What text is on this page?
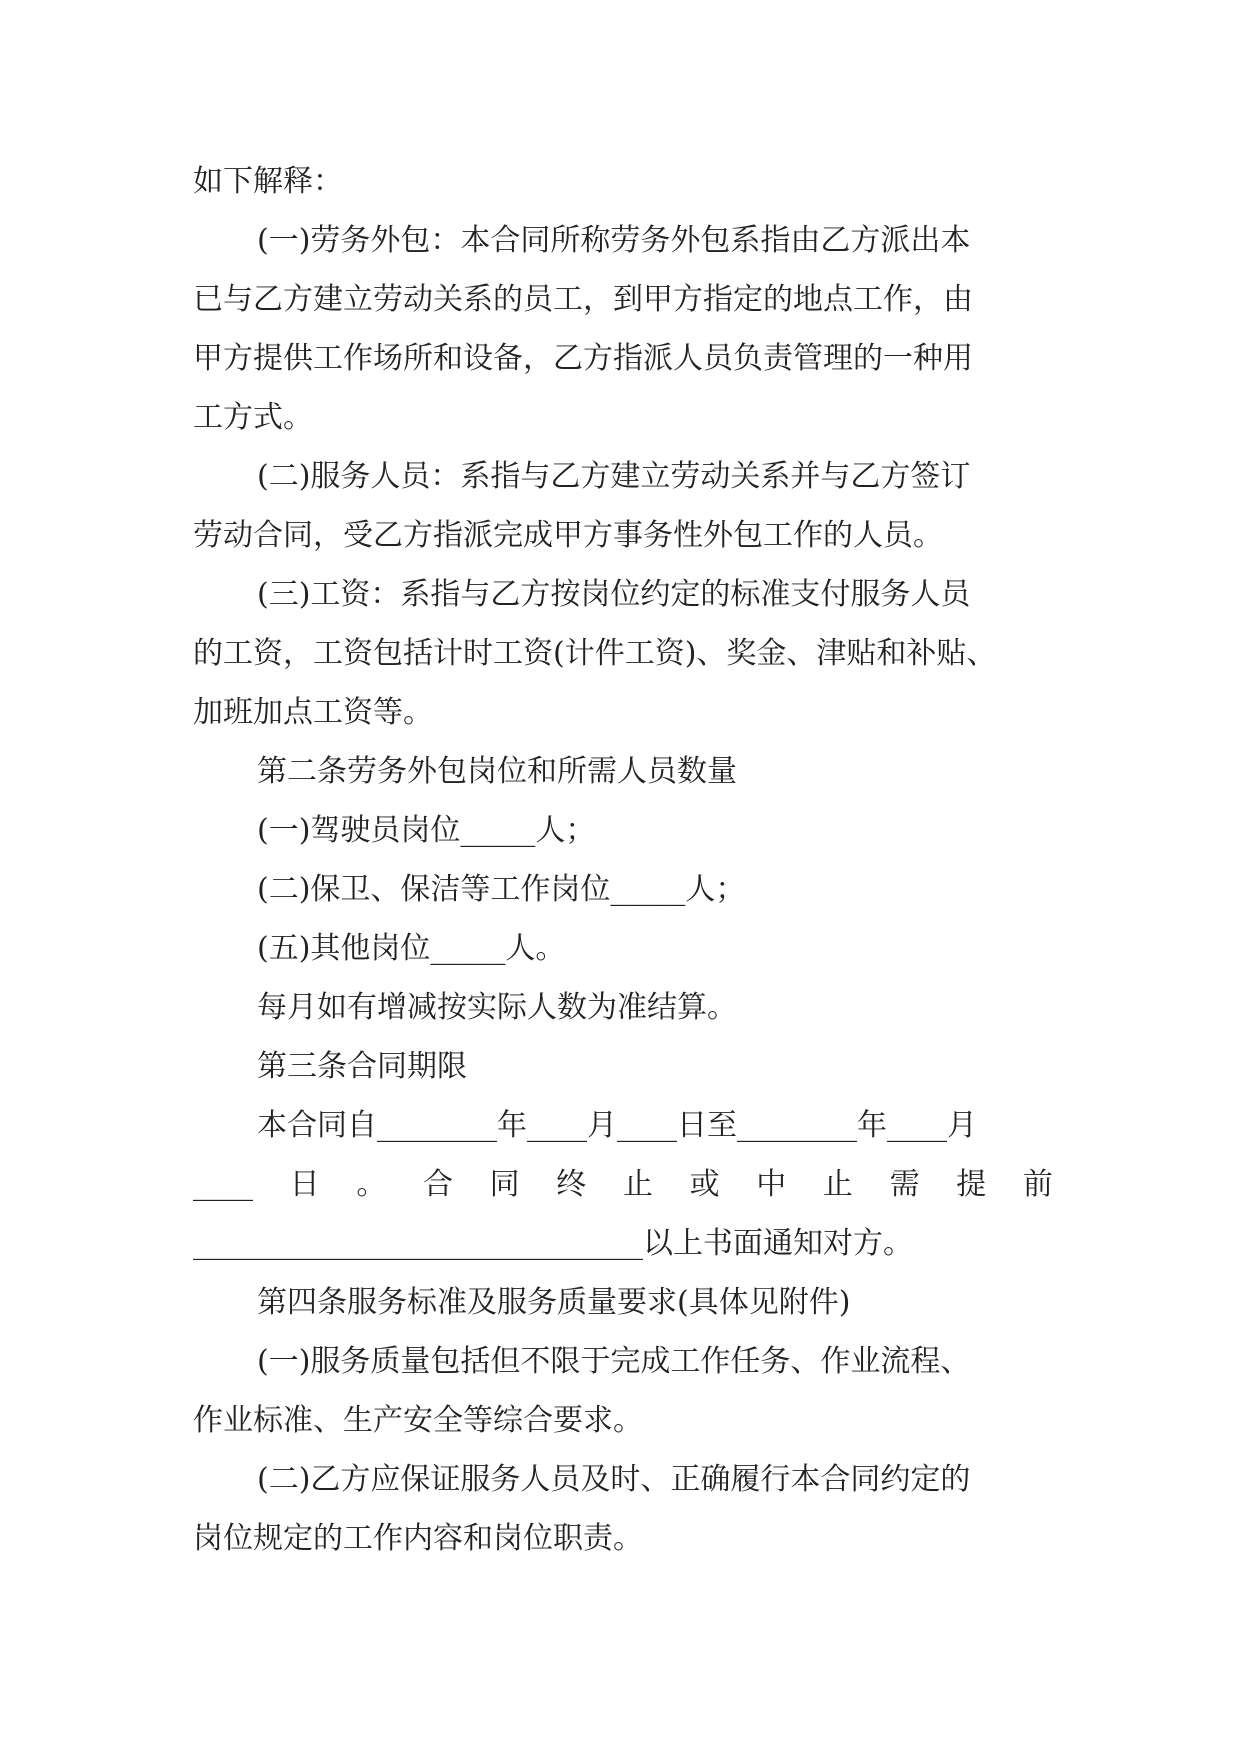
如下解释：
(一)劳务外包：本合同所称劳务外包系指由乙方派出本
已与乙方建立劳动关系的员工，到甲方指定的地点工作，由
甲方提供工作场所和设备，乙方指派人员负责管理的一种用
工方式。
(二)服务人员：系指与乙方建立劳动关系并与乙方签订
劳动合同，受乙方指派完成甲方事务性外包工作的人员。
(三)工资：系指与乙方按岗位约定的标准支付服务人员
的工资，工资包括计时工资(计件工资)、奖金、津贴和补贴、
加班加点工资等。
第二条劳务外包岗位和所需人员数量
(一)驾驶员岗位_____人；
(二)保卫、保洁等工作岗位_____人；
(五)其他岗位_____人。
每月如有增减按实际人数为准结算。
第三条合同期限
本合同自________年____月____日至________年____月
____ 日 。 合 同 终 止 或 中 止 需 提 前
______________________________以上书面通知对方。
第四条服务标准及服务质量要求(具体见附件)
(一)服务质量包括但不限于完成工作任务、作业流程、
作业标准、生产安全等综合要求。
(二)乙方应保证服务人员及时、正确履行本合同约定的
岗位规定的工作内容和岗位职责。
